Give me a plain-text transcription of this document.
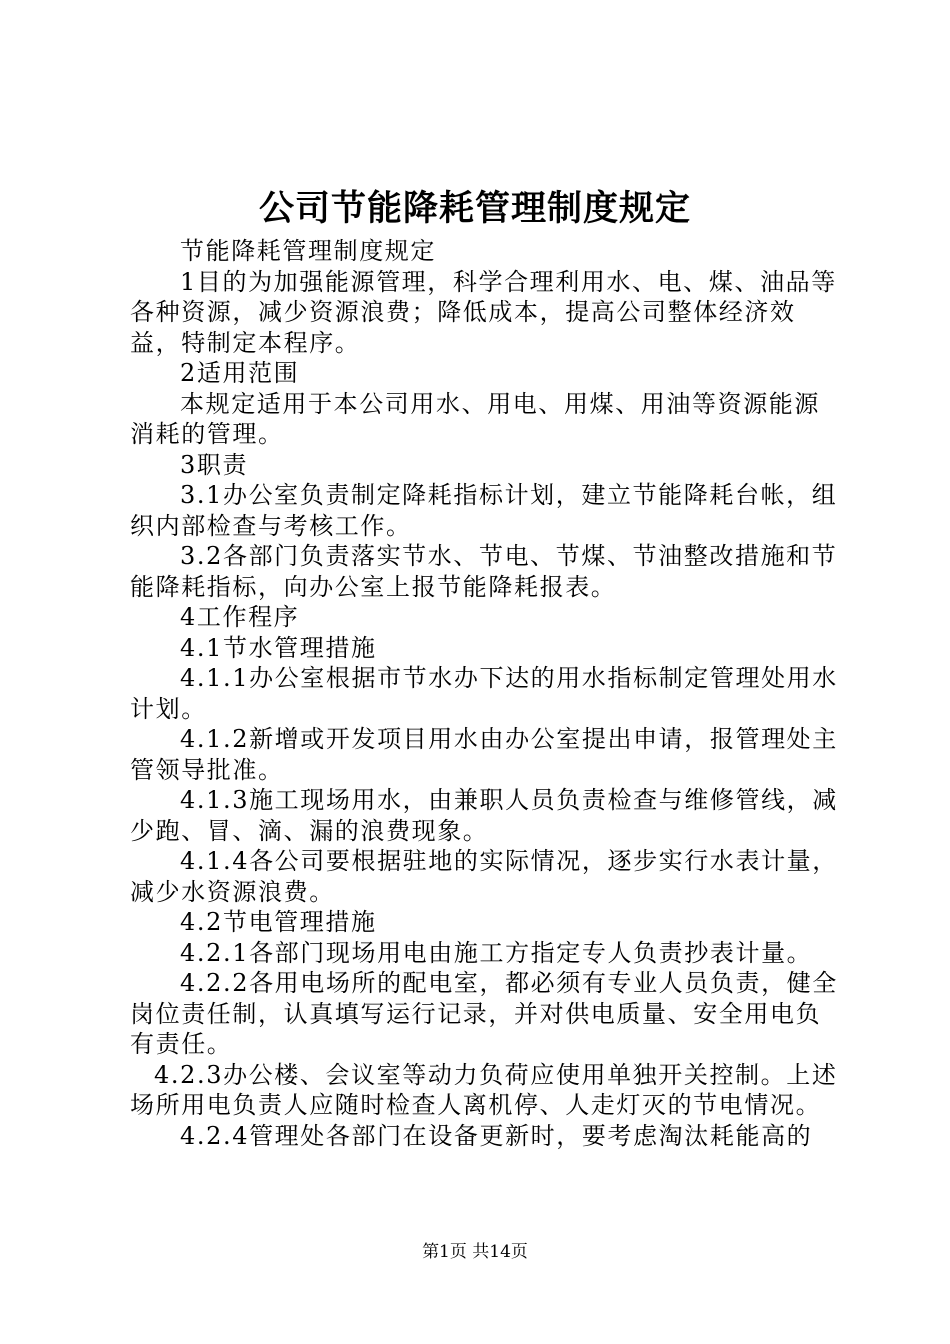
公司节能降耗管理制度规定

节能降耗管理制度规定

1目的为加强能源管理，科学合理利用水、电、煤、油品等各种资源，减少资源浪费；降低成本，提高公司整体经济效益，特制定本程序。

2适用范围

本规定适用于本公司用水、用电、用煤、用油等资源能源消耗的管理。

3职责

3.1办公室负责制定降耗指标计划，建立节能降耗台帐，组织内部检查与考核工作。

3.2各部门负责落实节水、节电、节煤、节油整改措施和节能降耗指标，向办公室上报节能降耗报表。

4工作程序

4.1节水管理措施

4.1.1办公室根据市节水办下达的用水指标制定管理处用水计划。

4.1.2新增或开发项目用水由办公室提出申请，报管理处主管领导批准。

4.1.3施工现场用水，由兼职人员负责检查与维修管线，减少跑、冒、滴、漏的浪费现象。

4.1.4各公司要根据驻地的实际情况，逐步实行水表计量，减少水资源浪费。

4.2节电管理措施

4.2.1各部门现场用电由施工方指定专人负责抄表计量。

4.2.2各用电场所的配电室，都必须有专业人员负责，健全岗位责任制，认真填写运行记录，并对供电质量、安全用电负有责任。

4.2.3办公楼、会议室等动力负荷应使用单独开关控制。上述场所用电负责人应随时检查人离机停、人走灯灭的节电情况。

4.2.4管理处各部门在设备更新时，要考虑淘汰耗能高的

第1页 共14页
